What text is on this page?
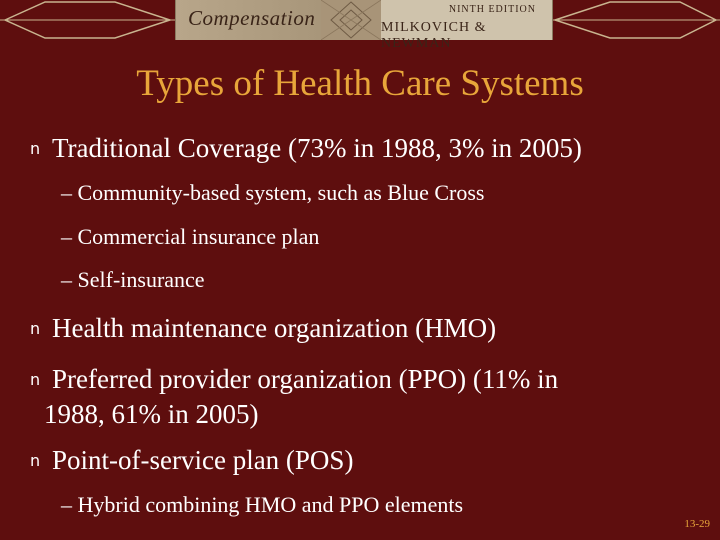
Compensation	NINTH EDITION
MILKOVICH & NEWMAN
Types of Health Care Systems
n Traditional Coverage (73% in 1988, 3% in 2005)
– Community-based system, such as Blue Cross
– Commercial insurance plan
– Self-insurance
n Health maintenance organization (HMO)
n Preferred provider organization (PPO) (11% in
1988, 61% in 2005)
n Point-of-service plan (POS)
– Hybrid combining HMO and PPO elements
13-29
